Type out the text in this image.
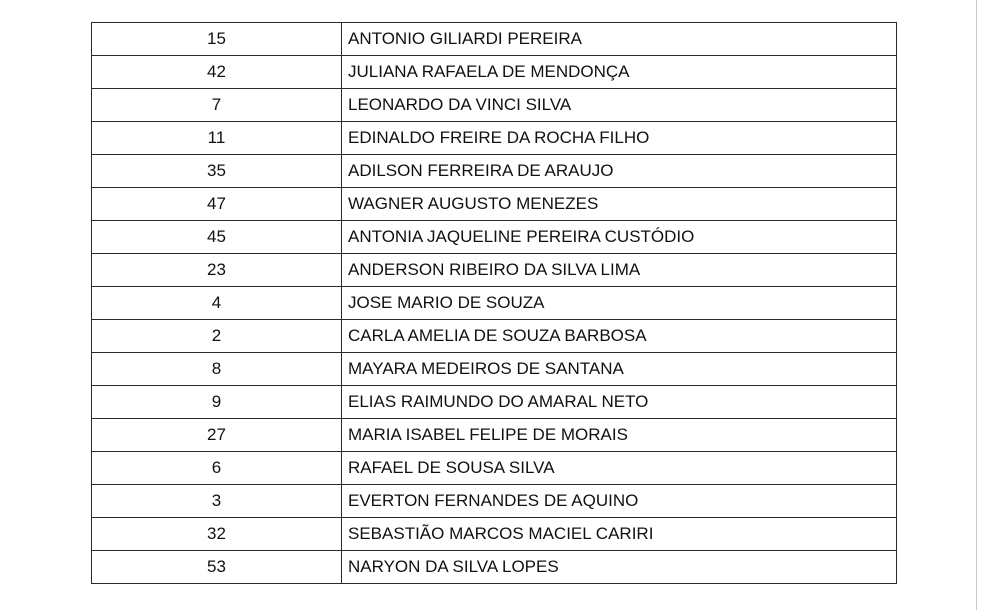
15	ANTONIO GILIARDI PEREIRA
42	JULIANA RAFAELA DE MENDONÇA
7	LEONARDO DA VINCI SILVA
11	EDINALDO FREIRE DA ROCHA FILHO
35	ADILSON FERREIRA DE ARAUJO
47	WAGNER AUGUSTO MENEZES
45	ANTONIA JAQUELINE PEREIRA CUSTÓDIO
23	ANDERSON RIBEIRO DA SILVA LIMA
4	JOSE MARIO DE SOUZA
2	CARLA AMELIA DE SOUZA BARBOSA
8	MAYARA MEDEIROS DE SANTANA
9	ELIAS RAIMUNDO DO AMARAL NETO
27	MARIA ISABEL FELIPE DE MORAIS
6	RAFAEL DE SOUSA SILVA
3	EVERTON FERNANDES DE AQUINO
32	SEBASTIÃO MARCOS MACIEL CARIRI
53	NARYON DA SILVA LOPES
